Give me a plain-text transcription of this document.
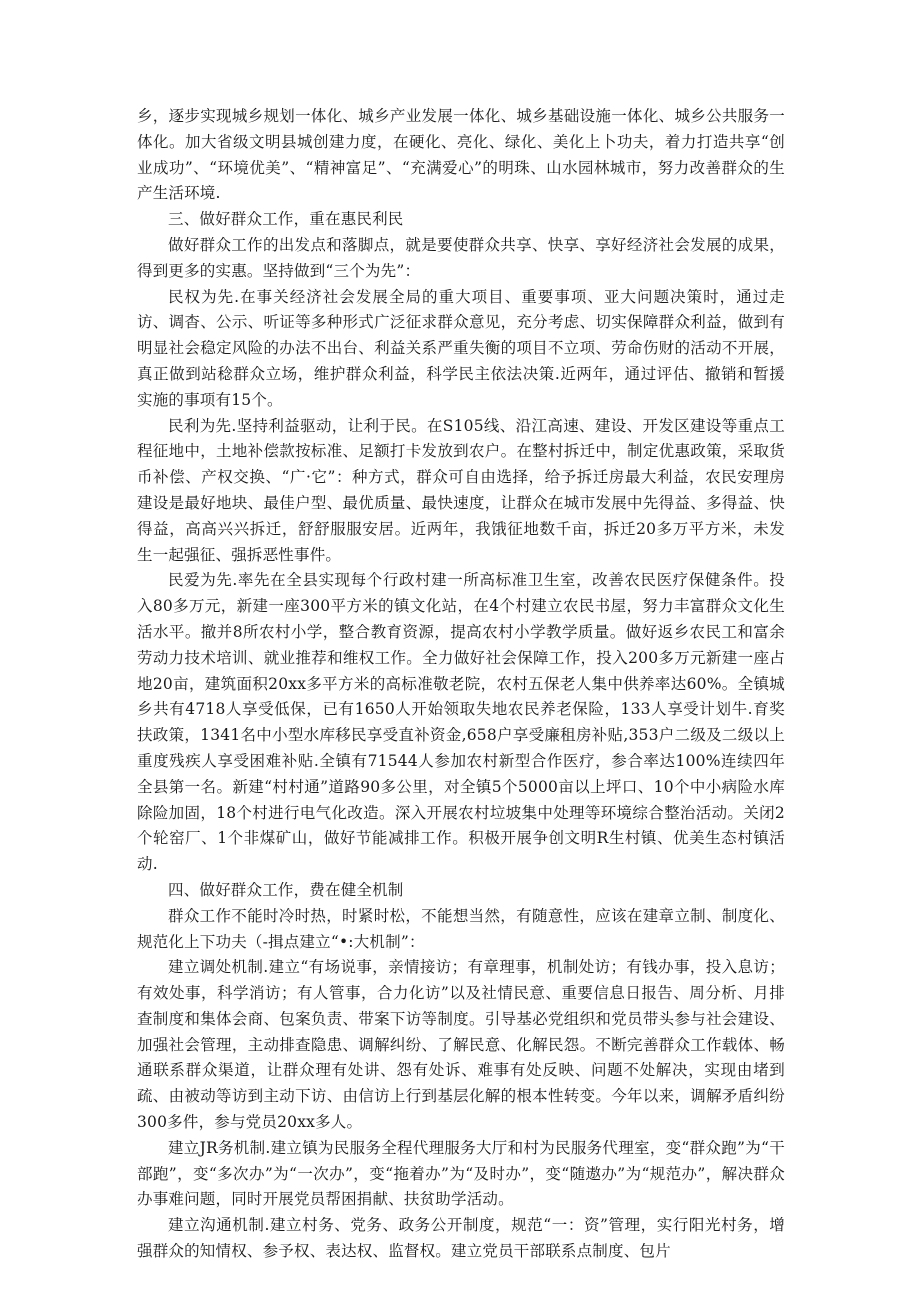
乡，逐步实现城乡规划一体化、城乡产业发展一体化、城乡基础设施一体化、城乡公共服务一体化。加大省级文明县城创建力度，在硬化、亮化、绿化、美化上卜功夫，着力打造共享“创业成功”、“环境优美”、“精神富足”、“充满爱心”的明珠、山水园林城市，努力改善群众的生产生活环境.

三、做好群众工作，重在惠民利民

做好群众工作的出发点和落脚点，就是要使群众共享、快享、享好经济社会发展的成果，得到更多的实惠。坚持做到“三个为先”：

民权为先.在事关经济社会发展全局的重大项目、重要事项、亚大问题决策时，通过走访、调杳、公示、听证等多种形式广泛征求群众意见，充分考虑、切实保障群众利益，做到有明显社会稳定风险的办法不出台、利益关系严重失衡的项目不立项、劳命伤财的活动不开展，真正做到站稔群众立场，维护群众利益，科学民主依法决策.近两年，通过评估、撤销和暂援实施的事项有15个。

民利为先.坚持利益驱动，让利于民。在S105线、沿江高速、建设、开发区建设等重点工程征地中，土地补偿款按标准、足额打卡发放到农户。在整村拆迁中，制定优惠政策，采取货币补偿、产权交换、“广·它”：种方式，群众可自由选择，给予拆迁房最大利益，农民安理房建设是最好地块、最佳户型、最优质量、最快速度，让群众在城市发展中先得益、多得益、快得益，高高兴兴拆迁，舒舒服服安居。近两年，我饿征地数千亩，拆迁20多万平方米，未发生一起强征、强拆恶性事件。

民爱为先.率先在全县实现每个行政村建一所高标准卫生室，改善农民医疗保健条件。投入80多万元，新建一座300平方米的镇文化站，在4个村建立农民书屋，努力丰富群众文化生活水平。撤并8所农村小学，整合教育资源，提高农村小学教学质量。做好返乡农民工和富余劳动力技术培训、就业推荐和维权工作。全力做好社会保障工作，投入200多万元新建一座占地20亩，建筑面积20xx多平方米的高标准敬老院，农村五保老人集中供养率达60%。全镇城乡共有4718人享受低保，已有1650人开始领取失地农民养老保险，133人享受计划牛.育奖扶政策，1341名中小型水库移民享受直补资金,658户享受廉租房补贴,353户二级及二级以上重度残疾人享受困难补贴.全镇有71544人参加农村新型合作医疗，参合率达100%连续四年全县第一名。新建“村村通”道路90多公里，对全镇5个5000亩以上坪口、10个中小病险水库除险加固，18个村进行电气化改造。深入开展农村垃坡集中处理等环境综合整治活动。关闭2个轮窑厂、1个非煤矿山，做好节能减排工作。积极开展争创文明R生村镇、优美生态村镇活动.

四、做好群众工作，费在健全机制

群众工作不能时冷时热，时紧时松，不能想当然，有随意性，应该在建章立制、制度化、规范化上下功夫（-揖点建立“•:大机制”：

建立调处机制.建立“有场说事，亲情接访；有章理事，机制处访；有钱办事，投入息访；有效处事，科学消访；有人管事，合力化访”以及社情民意、重要信息日报告、周分析、月排查制度和集体会商、包案负责、带案下访等制度。引导基必党组织和党员带头参与社会建设、加强社会管理，主动排查隐患、调解纠纷、了解民意、化解民怨。不断完善群众工作载体、畅通联系群众渠道，让群众理有处讲、怨有处诉、难事有处反映、问题不处解决，实现由堵到疏、由被动等访到主动下访、由信访上行到基层化解的根本性转变。今年以来，调解矛盾纠纷300多件，参与党员20xx多人。

建立JR务机制.建立镇为民服务全程代理服务大厅和村为民服务代理室，变“群众跑”为“干部跑”，变“多次办”为“一次办”，变“拖着办”为“及时办”，变“随遨办”为“规范办”，解决群众办事难问题，同时开展党员帮困捐献、扶贫助学活动。

建立沟通机制.建立村务、党务、政务公开制度，规范“一：资”管理，实行阳光村务，增强群众的知情权、参予权、表达权、监督权。建立党员干部联系点制度、包片
